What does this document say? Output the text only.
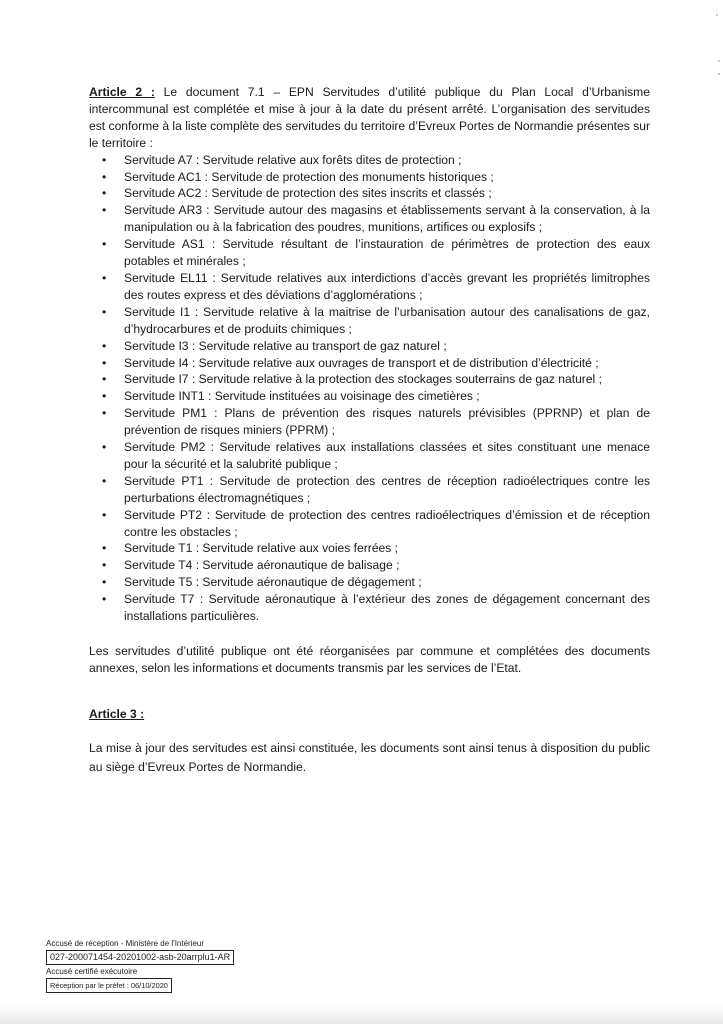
Article 2 : Le document 7.1 – EPN Servitudes d’utilité publique du Plan Local d’Urbanisme intercommunal est complétée et mise à jour à la date du présent arrêté. L’organisation des servitudes est conforme à la liste complète des servitudes du territoire d’Evreux Portes de Normandie présentes sur le territoire :
• Servitude A7 : Servitude relative aux forêts dites de protection ;
• Servitude AC1 : Servitude de protection des monuments historiques ;
• Servitude AC2 : Servitude de protection des sites inscrits et classés ;
• Servitude AR3 : Servitude autour des magasins et établissements servant à la conservation, à la manipulation ou à la fabrication des poudres, munitions, artifices ou explosifs ;
• Servitude AS1 : Servitude résultant de l’instauration de périmètres de protection des eaux potables et minérales ;
• Servitude EL11 : Servitude relatives aux interdictions d’accès grevant les propriétés limitrophes des routes express et des déviations d’agglomérations ;
• Servitude I1 : Servitude relative à la maitrise de l’urbanisation autour des canalisations de gaz, d’hydrocarbures et de produits chimiques ;
• Servitude I3 : Servitude relative au transport de gaz naturel ;
• Servitude I4 : Servitude relative aux ouvrages de transport et de distribution d’électricité ;
• Servitude I7 : Servitude relative à la protection des stockages souterrains de gaz naturel ;
• Servitude INT1 : Servitude instituées au voisinage des cimetières ;
• Servitude PM1 : Plans de prévention des risques naturels prévisibles (PPRNP) et plan de prévention de risques miniers (PPRM) ;
• Servitude PM2 : Servitude relatives aux installations classées et sites constituant une menace pour la sécurité et la salubrité publique ;
• Servitude PT1 : Servitude de protection des centres de réception radioélectriques contre les perturbations électromagnétiques ;
• Servitude PT2 : Servitude de protection des centres radioélectriques d’émission et de réception contre les obstacles ;
• Servitude T1 : Servitude relative aux voies ferrées ;
• Servitude T4 : Servitude aéronautique de balisage ;
• Servitude T5 : Servitude aéronautique de dégagement ;
• Servitude T7 : Servitude aéronautique à l’extérieur des zones de dégagement concernant des installations particulières.
Les servitudes d’utilité publique ont été réorganisées par commune et complétées des documents annexes, selon les informations et documents transmis par les services de l’Etat.
Article 3 :
La mise à jour des servitudes est ainsi constituée, les documents sont ainsi tenus à disposition du public au siège d’Evreux Portes de Normandie.
Accusé de réception - Ministère de l'Intérieur
027-200071454-20201002-asb-20arrplu1-AR
Accusé certifié exécutoire
Réception par le préfet : 06/10/2020
